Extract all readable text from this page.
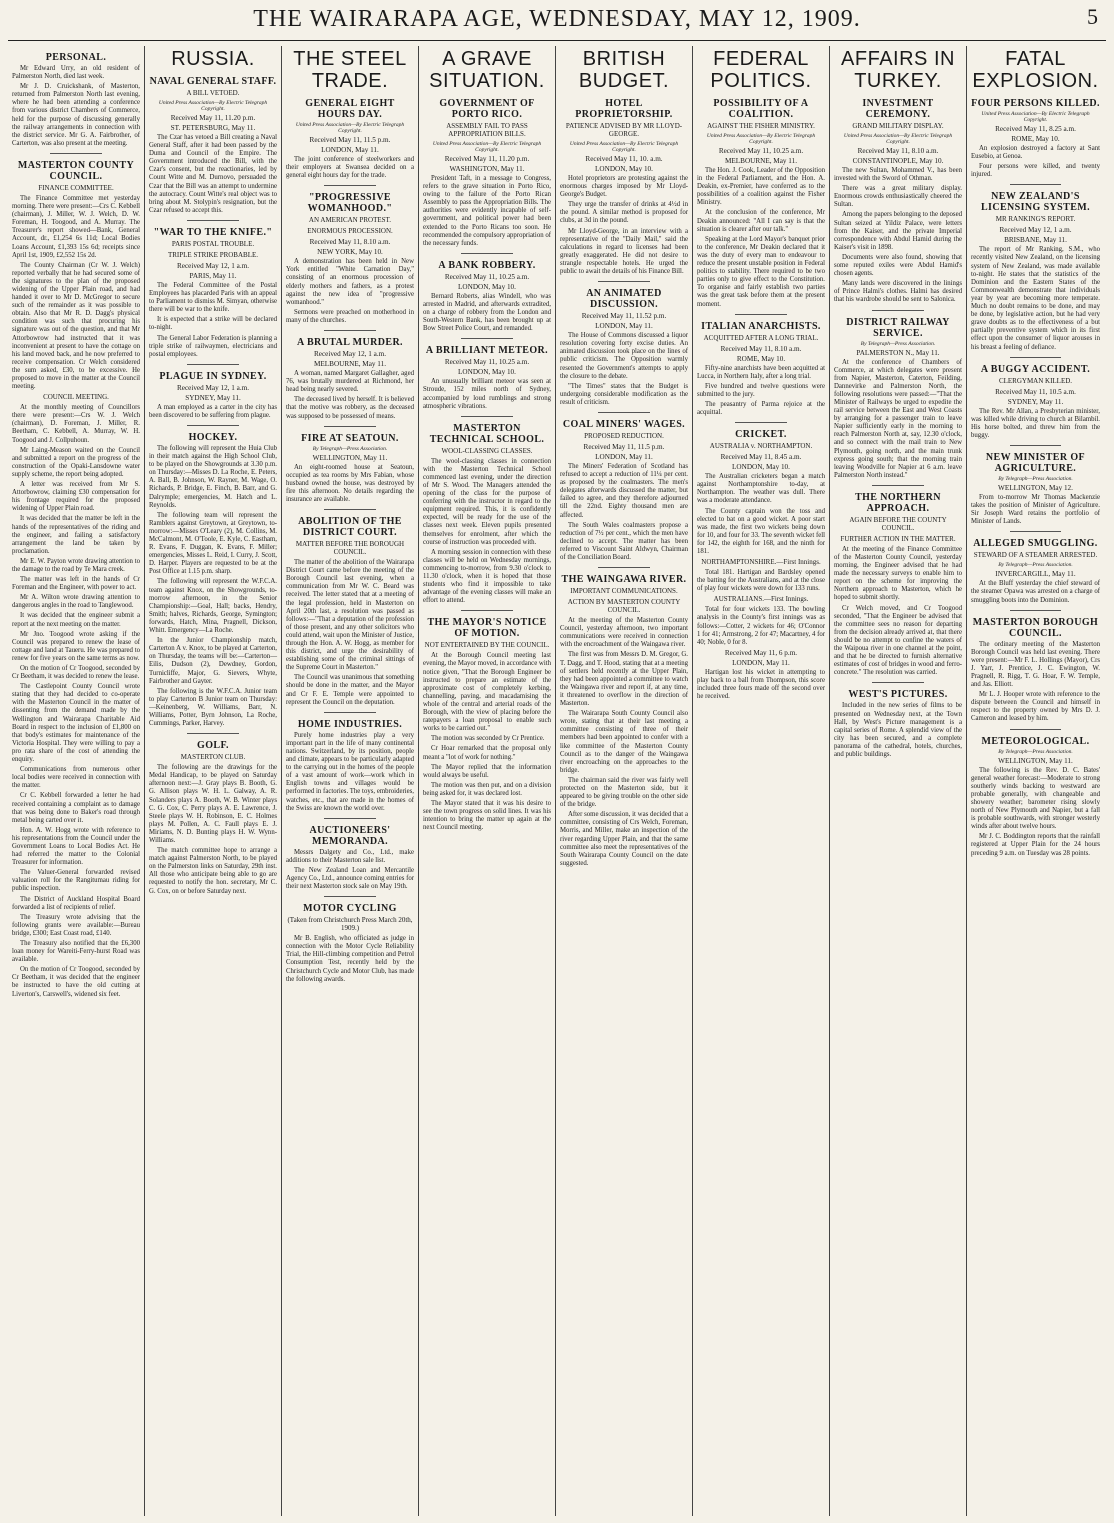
THE WAIRARAPA AGE, WEDNESDAY, MAY 12, 1909.	5
PERSONAL.
Mr Edward Urry, an old resident of Palmerston North, died last week.
Mr J. D. Cruickshank, of Masterton, returned from Palmerston North last evening, where he had been attending a conference from various district Chambers of Commerce, held for the purpose of discussing generally the railway arrangements in connection with the district service. Mr G. A. Fairbrother, of Carterton, was also present at the meeting.
MASTERTON COUNTY COUNCIL.
FINANCE COMMITTEE.
The Finance Committee met yesterday morning. There were present:—Crs C. Kebbell (chairman), J. Miller, W. J. Welch, D. W. Foreman, H. Toogood, and A. Murray. The Treasurer's report showed—Bank, General Account, dr., £1,254 6s 11d; Local Bodies Loans Account, £1,393 15s 6d; receipts since April 1st, 1909, £2,552 15s 2d.
The County Chairman (Cr W. J. Welch) reported verbally that he had secured some of the signatures to the plan of the proposed widening of the Upper Plain road, and had handed it over to Mr D. McGregor to secure such of the remainder as it was possible to obtain. Also that Mr R. D. Dagg's physical condition was such that procuring his signature was out of the question, and that Mr Attorbowrow had instructed that it was inconvenient at present to have the cottage on his land moved back, and he now preferred to receive compensation. Cr Welch considered the sum asked, £30, to be excessive. He proposed to move in the matter at the Council meeting.
COUNCIL MEETING.
At the monthly meeting of Councillors there were present:—Crs W. J. Welch (chairman), D. Foreman, J. Miller, R. Beetham, C. Kebbell, A. Murray, W. H. Toogood and J. Collpuhoun.
Mr Laing-Meason waited on the Council and submitted a report on the progress of the construction of the Opaki-Lansdowne water supply scheme, the report being adopted.
A letter was received from Mr S. Attorbowrow, claiming £30 compensation for his frontage required for the proposed widening of Upper Plain road.
It was decided that the matter be left in the hands of the representatives of the riding and the engineer, and failing a satisfactory arrangement the land be taken by proclamation.
Mr E. W. Payton wrote drawing attention to the damage to the road by Te Mara creek.
The matter was left in the hands of Cr Foreman and the Engineer, with power to act.
Mr A. Wilton wrote drawing attention to dangerous angles in the road to Tanglewood.
It was decided that the engineer submit a report at the next meeting on the matter.
Mr Jno. Toogood wrote asking if the Council was prepared to renew the lease of cottage and land at Taueru. He was prepared to renew for five years on the same terms as now.
On the motion of Cr Toogood, seconded by Cr Beetham, it was decided to renew the lease.
The Castlepoint County Council wrote stating that they had decided to co-operate with the Masterton Council in the matter of dissenting from the demand made by the Wellington and Wairarapa Charitable Aid Board in respect to the inclusion of £1,800 on that body's estimates for maintenance of the Victoria Hospital. They were willing to pay a pro rata share of the cost of attending the enquiry.
Communications from numerous other local bodies were received in connection with the matter.
Cr C. Kebbell forwarded a letter he had received containing a complaint as to damage that was being done to Baker's road through metal being carted over it.
Hon. A. W. Hogg wrote with reference to his representations from the Council under the Government Loans to Local Bodies Act. He had referred the matter to the Colonial Treasurer for information.
The Valuer-General forwarded revised valuation roll for the Rangitumau riding for public inspection.
The District of Auckland Hospital Board forwarded a list of recipients of relief.
The Treasury wrote advising that the following grants were available:—Bureau bridge, £300; East Coast road, £140.
The Treasury also notified that the £6,300 loan money for Wareiti-Ferry-hurst Road was available.
On the motion of Cr Toogood, seconded by Cr Beetham, it was decided that the engineer be instructed to have the old cutting at Liverton's, Carswell's, widened six feet.
RUSSIA.
NAVAL GENERAL STAFF.
A BILL VETOED.
United Press Association—By Electric Telegraph Copyright.
Received May 11, 11.20 p.m.
ST. PETERSBURG, May 11.
The Czar has vetoed a Bill creating a Naval General Staff, after it had been passed by the Duma and Council of the Empire. The Government introduced the Bill, with the Czar's consent, but the reactionaries, led by Count Witte and M. Durnovo, persuaded the Czar that the Bill was an attempt to undermine the autocracy. Count Witte's real object was to bring about M. Stolypin's resignation, but the Czar refused to accept this.
"WAR TO THE KNIFE."
PARIS POSTAL TROUBLE.
TRIPLE STRIKE PROBABLE.
Received May 12, 1 a.m.
PARIS, May 11.
The Federal Committee of the Postal Employees has placarded Paris with an appeal to Parliament to dismiss M. Simyan, otherwise there will be war to the knife.
It is expected that a strike will be declared to-night.
The General Labor Federation is planning a triple strike of railwaymen, electricians and postal employees.
PLAGUE IN SYDNEY.
Received May 12, 1 a.m.
SYDNEY, May 11.
A man employed as a carter in the city has been discovered to be suffering from plague.
HOCKEY.
The following will represent the Huia Club in their match against the High School Club, to be played on the Showgrounds at 3.30 p.m. on Thursday:—Misses D. La Roche, E. Peters, A. Ball, B. Johnson, W. Rayner, M. Wage, O. Richards, P. Bridge, E. Finch, B. Barr, and G. Dalrymple; emergencies, M. Hatch and L. Reynolds.
The following team will represent the Ramblers against Greytown, at Greytown, to-morrow:—Misses O'Leary (2), M. Collins, M. McCalmont, M. O'Toole, E. Kyle, C. Eastham, R. Evans, F. Duggan, K. Evans, F. Miller; emergencies, Misses L. Reid, I. Curry, J. Scott, D. Harper. Players are requested to be at the Post Office at 1.15 p.m. sharp.
The following will represent the W.F.C.A. team against Knox, on the Showgrounds, to-morrow afternoon, in the Senior Championship:—Goal, Hall; backs, Hendry, Smith; halves, Richards, George, Symington; forwards, Hatch, Mina, Pragnell, Dickson, Whitt. Emergency—La Roche.
In the Junior Championship match, Carterton A v. Knox, to be played at Carterton, on Thursday, the teams will be:—Carterton—Eilis, Dudson (2), Dewdney, Gordon, Turnicliffe, Major, G. Sievers, Whyte, Fairbrother and Gayter.
The following is the W.F.C.A. Junior team to play Carterton B Junior team on Thursday:—Keinenberg, W. Williams, Barr, N. Williams, Potter, Byrn Johnson, La Roche, Cummings, Parker, Harvey.
GOLF.
MASTERTON CLUB.
The following are the drawings for the Medal Handicap, to be played on Saturday afternoon next:—J. Gray plays B. Booth, G. G. Allison plays W. H. L. Galway, A. R. Solanders plays A. Booth, W. B. Winter plays C. G. Cox, C. Perry plays A. E. Lawrence, J. Steele plays W. H. Robinson, E. C. Holmes plays M. Pollen, A. C. Faull plays E. J. Miriams, N. D. Bunting plays H. W. Wynn-Williams.
The match committee hope to arrange a match against Palmerston North, to be played on the Palmerston links on Saturday, 29th inst. All those who anticipate being able to go are requested to notify the hon. secretary, Mr C. G. Cox, on or before Saturday next.
THE STEEL TRADE.
GENERAL EIGHT HOURS DAY.
United Press Association—By Electric Telegraph Copyright.
Received May 11, 11.5 p.m.
LONDON, May 11.
The joint conference of steelworkers and their employers at Swansea decided on a general eight hours day for the trade.
"PROGRESSIVE WOMANHOOD."
AN AMERICAN PROTEST.
ENORMOUS PROCESSION.
Received May 11, 8.10 a.m.
NEW YORK, May 10.
A demonstration has been held in New York entitled "White Carnation Day," consisting of an enormous procession of elderly mothers and fathers, as a protest against the new idea of "progressive womanhood."
Sermons were preached on motherhood in many of the churches.
A BRUTAL MURDER.
Received May 12, 1 a.m.
MELBOURNE, May 11.
A woman, named Margaret Gallagher, aged 76, was brutally murdered at Richmond, her head being nearly severed.
The deceased lived by herself. It is believed that the motive was robbery, as the deceased was supposed to be possessed of means.
FIRE AT SEATOUN.
By Telegraph—Press Association.
WELLINGTON, May 11.
An eight-roomed house at Seatoun, occupied as tea rooms by Mrs Fabian, whose husband owned the house, was destroyed by fire this afternoon. No details regarding the insurance are available.
ABOLITION OF THE DISTRICT COURT.
MATTER BEFORE THE BOROUGH COUNCIL.
The matter of the abolition of the Wairarapa District Court came before the meeting of the Borough Council last evening, when a communication from Mr W. C. Beard was received. The letter stated that at a meeting of the legal profession, held in Masterton on April 20th last, a resolution was passed as follows:—"That a deputation of the profession of those present, and any other solicitors who could attend, wait upon the Minister of Justice, through the Hon. A. W. Hogg, as member for this district, and urge the desirability of establishing some of the criminal sittings of the Supreme Court in Masterton."
The Council was unanimous that something should be done in the matter, and the Mayor and Cr F. E. Temple were appointed to represent the Council on the deputation.
HOME INDUSTRIES.
Purely home industries play a very important part in the life of many continental nations. Switzerland, by its position, people and climate, appears to be particularly adapted to the carrying out in the homes of the people of a vast amount of work—work which in English towns and villages would be performed in factories. The toys, embroideries, watches, etc., that are made in the homes of the Swiss are known the world over.
AUCTIONEERS' MEMORANDA.
Messrs Dalgety and Co., Ltd., make additions to their Masterton sale list.
The New Zealand Loan and Mercantile Agency Co., Ltd., announce coming entries for their next Masterton stock sale on May 19th.
MOTOR CYCLING
(Taken from Christchurch Press March 20th, 1909.)
Mr B. English, who officiated as judge in connection with the Motor Cycle Reliability Trial, the Hill-climbing competition and Petrol Consumption Test, recently held by the Christchurch Cycle and Motor Club, has made the following awards.
A GRAVE SITUATION.
GOVERNMENT OF PORTO RICO.
ASSEMBLY FAIL TO PASS APPROPRIATION BILLS.
United Press Association—By Electric Telegraph Copyright.
Received May 11, 11.20 p.m.
WASHINGTON, May 11.
President Taft, in a message to Congress, refers to the grave situation in Porto Rico, owing to the failure of the Porto Rican Assembly to pass the Appropriation Bills. The authorities were evidently incapable of self-government, and political power had been extended to the Porto Ricans too soon. He recommended the compulsory appropriation of the necessary funds.
A BANK ROBBERY.
Received May 11, 10.25 a.m.
LONDON, May 10.
Bernard Roberts, alias Windell, who was arrested in Madrid, and afterwards extradited, on a charge of robbery from the London and South-Western Bank, has been brought up at Bow Street Police Court, and remanded.
A BRILLIANT METEOR.
Received May 11, 10.25 a.m.
LONDON, May 10.
An unusually brilliant meteor was seen at Stroude, 152 miles north of Sydney, accompanied by loud rumblings and strong atmospheric vibrations.
MASTERTON TECHNICAL SCHOOL.
WOOL-CLASSING CLASSES.
The wool-classing classes in connection with the Masterton Technical School commenced last evening, under the direction of Mr S. Wood. The Managers attended the opening of the class for the purpose of conferring with the instructor in regard to the equipment required. This, it is confidently expected, will be ready for the use of the classes next week. Eleven pupils presented themselves for enrolment, after which the course of instruction was proceeded with.
A morning session in connection with these classes will be held on Wednesday mornings, commencing to-morrow, from 9.30 o'clock to 11.30 o'clock, when it is hoped that those students who find it impossible to take advantage of the evening classes will make an effort to attend.
THE MAYOR'S NOTICE OF MOTION.
NOT ENTERTAINED BY THE COUNCIL.
At the Borough Council meeting last evening, the Mayor moved, in accordance with notice given, "That the Borough Engineer be instructed to prepare an estimate of the approximate cost of completely kerbing, channelling, paving, and macadamising the whole of the central and arterial roads of the Borough, with the view of placing before the ratepayers a loan proposal to enable such works to be carried out."
The motion was seconded by Cr Prentice.
Cr Hoar remarked that the proposal only meant a "lot of work for nothing."
The Mayor replied that the information would always be useful.
The motion was then put, and on a division being asked for, it was declared lost.
The Mayor stated that it was his desire to see the town progress on solid lines. It was his intention to bring the matter up again at the next Council meeting.
BRITISH BUDGET.
HOTEL PROPRIETORSHIP.
PATIENCE ADVISED BY MR LLOYD-GEORGE.
United Press Association—By Electric Telegraph Copyright.
Received May 11, 10. a.m.
LONDON, May 10.
Hotel proprietors are protesting against the enormous charges imposed by Mr Lloyd-George's Budget.
They urge the transfer of drinks at 4½d in the pound. A similar method is proposed for clubs, at 3d in the pound.
Mr Lloyd-George, in an interview with a representative of the "Daily Mail," said the calculations in regard to licenses had been greatly exaggerated. He did not desire to strangle respectable hotels. He urged the public to await the details of his Finance Bill.
AN ANIMATED DISCUSSION.
Received May 11, 11.52 p.m.
LONDON, May 11.
The House of Commons discussed a liquor resolution covering forty excise duties. An animated discussion took place on the lines of public criticism. The Opposition warmly resented the Government's attempts to apply the closure to the debate.
"The Times" states that the Budget is undergoing considerable modification as the result of criticism.
COAL MINERS' WAGES.
PROPOSED REDUCTION.
Received May 11, 11.5 p.m.
LONDON, May 11.
The Miners' Federation of Scotland has refused to accept a reduction of 11¼ per cent. as proposed by the coalmasters. The men's delegates afterwards discussed the matter, but failed to agree, and they therefore adjourned till the 22nd. Eighty thousand men are affected.
The South Wales coalmasters propose a reduction of 7½ per cent., which the men have declined to accept. The matter has been referred to Viscount Saint Aldwyn, Chairman of the Conciliation Board.
THE WAINGAWA RIVER.
IMPORTANT COMMUNICATIONS.
ACTION BY MASTERTON COUNTY COUNCIL.
At the meeting of the Masterton County Council, yesterday afternoon, two important communications were received in connection with the encroachment of the Waingawa river.
The first was from Messrs D. M. Gregor, G. T. Dagg, and T. Hood, stating that at a meeting of settlers held recently at the Upper Plain, they had been appointed a committee to watch the Waingawa river and report if, at any time, it threatened to overflow in the direction of Masterton.
The Wairarapa South County Council also wrote, stating that at their last meeting a committee consisting of three of their members had been appointed to confer with a like committee of the Masterton County Council as to the danger of the Waingawa river encroaching on the approaches to the bridge.
The chairman said the river was fairly well protected on the Masterton side, but it appeared to be giving trouble on the other side of the bridge.
After some discussion, it was decided that a committee, consisting of Crs Welch, Foreman, Morris, and Miller, make an inspection of the river regarding Upper Plain, and that the same committee also meet the representatives of the South Wairarapa County Council on the date suggested.
FEDERAL POLITICS.
POSSIBILITY OF A COALITION.
AGAINST THE FISHER MINISTRY.
United Press Association—By Electric Telegraph Copyright.
Received May 11, 10.25 a.m.
MELBOURNE, May 11.
The Hon. J. Cook, Leader of the Opposition in the Federal Parliament, and the Hon. A. Deakin, ex-Premier, have conferred as to the possibilities of a coalition against the Fisher Ministry.
At the conclusion of the conference, Mr Deakin announced: "All I can say is that the situation is clearer after our talk."
Speaking at the Lord Mayor's banquet prior to the conference, Mr Deakin declared that it was the duty of every man to endeavour to reduce the present unstable position in Federal politics to stability. There required to be two parties only to give effect to the Constitution. To organise and fairly establish two parties was the great task before them at the present moment.
ITALIAN ANARCHISTS.
ACQUITTED AFTER A LONG TRIAL.
Received May 11, 8.10 a.m.
ROME, May 10.
Fifty-nine anarchists have been acquitted at Lucca, in Northern Italy, after a long trial.
Five hundred and twelve questions were submitted to the jury.
The peasantry of Parma rejoice at the acquittal.
CRICKET.
AUSTRALIA v. NORTHAMPTON.
Received May 11, 8.45 a.m.
LONDON, May 10.
The Australian cricketers began a match against Northamptonshire to-day, at Northampton. The weather was dull. There was a moderate attendance.
The County captain won the toss and elected to bat on a good wicket. A poor start was made, the first two wickets being down for 10, and four for 33. The seventh wicket fell for 142, the eighth for 168, and the ninth for 181.
NORTHAMPTONSHIRE.—First Innings.
Total 181. Hartigan and Bardsley opened the batting for the Australians, and at the close of play four wickets were down for 133 runs.
AUSTRALIANS.—First Innings.
Total for four wickets 133. The bowling analysis in the County's first innings was as follows:—Cotter, 2 wickets for 46; O'Connor 1 for 41; Armstrong, 2 for 47; Macartney, 4 for 40; Noble, 0 for 8.
Received May 11, 6 p.m.
LONDON, May 11.
Hartigan lost his wicket in attempting to play back to a ball from Thompson, this score included three fours made off the second over he received.
AFFAIRS IN TURKEY.
INVESTMENT CEREMONY.
GRAND MILITARY DISPLAY.
United Press Association—By Electric Telegraph Copyright.
Received May 11, 8.10 a.m.
CONSTANTINOPLE, May 10.
The new Sultan, Mohammed V., has been invested with the Sword of Othman.
There was a great military display. Enormous crowds enthusiastically cheered the Sultan.
Among the papers belonging to the deposed Sultan seized at Yildiz Palace, were letters from the Kaiser, and the private Imperial correspondence with Abdul Hamid during the Kaiser's visit in 1898.
Documents were also found, showing that some reputed exiles were Abdul Hamid's chosen agents.
Many lands were discovered in the linings of Prince Halmi's clothes. Halmi has desired that his wardrobe should be sent to Salonica.
DISTRICT RAILWAY SERVICE.
By Telegraph—Press Association.
PALMERSTON N., May 11.
At the conference of Chambers of Commerce, at which delegates were present from Napier, Masterton, Caterton, Feilding, Dannevirke and Palmerston North, the following resolutions were passed:—"That the Minister of Railways be urged to expedite the rail service between the East and West Coasts by arranging for a passenger train to leave Napier sufficiently early in the morning to reach Palmerston North at, say, 12.30 o'clock, and so connect with the mail train to New Plymouth, going north, and the main trunk express going south; that the morning train leaving Woodville for Napier at 6 a.m. leave Palmerston North instead."
THE NORTHERN APPROACH.
AGAIN BEFORE THE COUNTY COUNCIL.
FURTHER ACTION IN THE MATTER.
At the meeting of the Finance Committee of the Masterton County Council, yesterday morning, the Engineer advised that he had made the necessary surveys to enable him to report on the scheme for improving the Northern approach to Masterton, which he hoped to submit shortly.
Cr Welch moved, and Cr Toogood seconded, "That the Engineer be advised that the committee sees no reason for departing from the decision already arrived at, that there should be no attempt to confine the waters of the Waipoua river in one channel at the point, and that he be directed to furnish alternative estimates of cost of bridges in wood and ferro-concrete." The resolution was carried.
WEST'S PICTURES.
Included in the new series of films to be presented on Wednesday next, at the Town Hall, by West's Picture management is a capital series of Rome. A splendid view of the city has been secured, and a complete panorama of the cathedral, hotels, churches, and public buildings.
FATAL EXPLOSION.
FOUR PERSONS KILLED.
United Press Association—By Electric Telegraph Copyright.
Received May 11, 8.25 a.m.
ROME, May 10.
An explosion destroyed a factory at Sant Eusebio, at Genoa.
Four persons were killed, and twenty injured.
NEW ZEALAND'S LICENSING SYSTEM.
MR RANKING'S REPORT.
Received May 12, 1 a.m.
BRISBANE, May 11.
The report of Mr Ranking, S.M., who recently visited New Zealand, on the licensing system of New Zealand, was made available to-night. He states that the statistics of the Dominion and the Eastern States of the Commonwealth demonstrate that individuals year by year are becoming more temperate. Much no doubt remains to be done, and may be done, by legislative action, but he had very grave doubts as to the effectiveness of a but partially preventive system which in its first effect upon the consumer of liquor arouses in his breast a feeling of defiance.
A BUGGY ACCIDENT.
CLERGYMAN KILLED.
Received May 11, 10.5 a.m.
SYDNEY, May 11.
The Rev. Mr Allan, a Presbyterian minister, was killed while driving to church at Bilambil. His horse bolted, and threw him from the buggy.
NEW MINISTER OF AGRICULTURE.
By Telegraph—Press Association.
WELLINGTON, May 12.
From to-morrow Mr Thomas Mackenzie takes the position of Minister of Agriculture. Sir Joseph Ward retains the portfolio of Minister of Lands.
ALLEGED SMUGGLING.
STEWARD OF A STEAMER ARRESTED.
By Telegraph—Press Association.
INVERCARGILL, May 11.
At the Bluff yesterday the chief steward of the steamer Opawa was arrested on a charge of smuggling boots into the Dominion.
MASTERTON BOROUGH COUNCIL.
The ordinary meeting of the Masterton Borough Council was held last evening. There were present:—Mr F. L. Hollings (Mayor), Crs J. Yarr, J. Prentice, J. C. Ewington, W. Pragnell, R. Rigg, T. G. Hoar, F. W. Temple, and Jas. Elliott.
Mr L. J. Hooper wrote with reference to the dispute between the Council and himself in respect to the property owned by Mrs D. J. Cameron and leased by him.
METEOROLOGICAL.
By Telegraph—Press Association.
WELLINGTON, May 11.
The following is the Rev. D. C. Bates' general weather forecast:—Moderate to strong southerly winds backing to westward are probable generally, with changeable and showery weather; barometer rising slowly north of New Plymouth and Napier, but a fall is probable southwards, with stronger westerly winds after about twelve hours.
Mr J. C. Boddington reports that the rainfall registered at Upper Plain for the 24 hours preceding 9 a.m. on Tuesday was 28 points.
